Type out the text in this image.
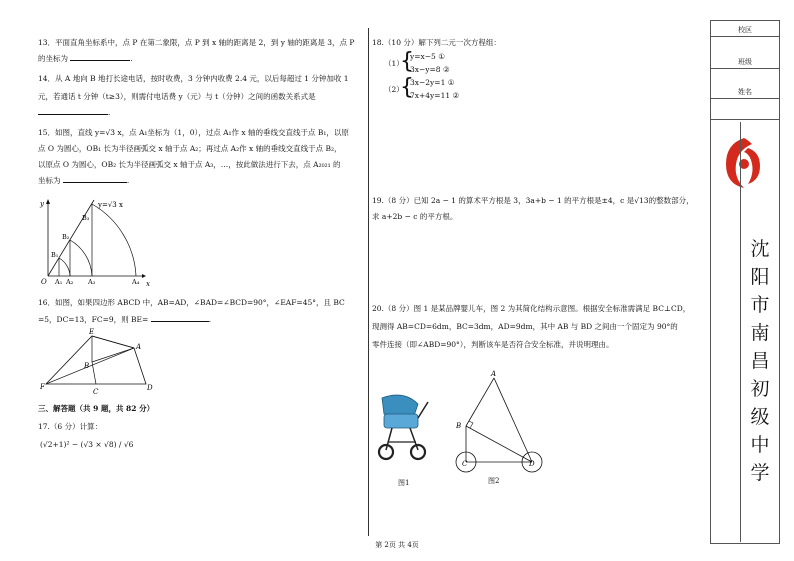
13．平面直角坐标系中，点 P 在第二象限，点 P 到 x 轴的距离是 2，到 y 轴的距离是 3，点 P
的坐标为	.
14．从 A 地向 B 地打长途电话，按时收费，3 分钟内收费 2.4 元，以后每超过 1 分钟加收 1
元，若通话 t 分钟（t≥3），则需付电话费 y（元）与 t（分钟）之间的函数关系式是
.
15．如图，直线 y=√3 x，点 A₁坐标为（1，0），过点 A₁作 x 轴的垂线交直线于点 B₁，以原
点 O 为圆心，OB₁ 长为半径画弧交 x 轴于点 A₂；再过点 A₂作 x 轴的垂线交直线于点 B₂，
以原点 O 为圆心，OB₂ 长为半径画弧交 x 轴于点 A₃，…，按此做法进行下去，点 A₂₀₂₁ 的
坐标为	.
y
x
y=√3 x
O A₁ A₂ A₃	A₄
B₁
B₂
B₃
16．如图，如果四边形 ABCD 中，AB=AD，∠BAD=∠BCD=90°，∠EAF=45°，且 BC
=5，DC=13，FC=9，则 BE=	.
E
A
B
F
C	D
三、解答题（共 9 题，共 82 分）
17.（6 分）计算：
(√2+1)² − (√3 × √8) / √6
18.（10 分）解下列二元一次方程组：
（1）
{
y=x−5 ①
3x−y=8 ②
（2）
{
3x−2y=1 ①
7x+4y=11 ②
19.（8 分）已知 2a − 1 的算术平方根是 3，3a+b − 1 的平方根是±4，c 是√13的整数部分，
求 a+2b − c 的平方根。
20.（8 分）图 1 是某品牌婴儿车，图 2 为其简化结构示意图。根据安全标准需满足 BC⊥CD，
现测得 AB=CD=6dm，BC=3dm，AD=9dm，其中 AB 与 BD 之间由一个固定为 90°的
零件连接（即∠ABD=90°），判断该车是否符合安全标准，并说明理由。
图1
A
B
C	D
图2
校区
班级
姓名
沈
阳
市
南
昌
初
级
中
学
第 2页 共 4页
